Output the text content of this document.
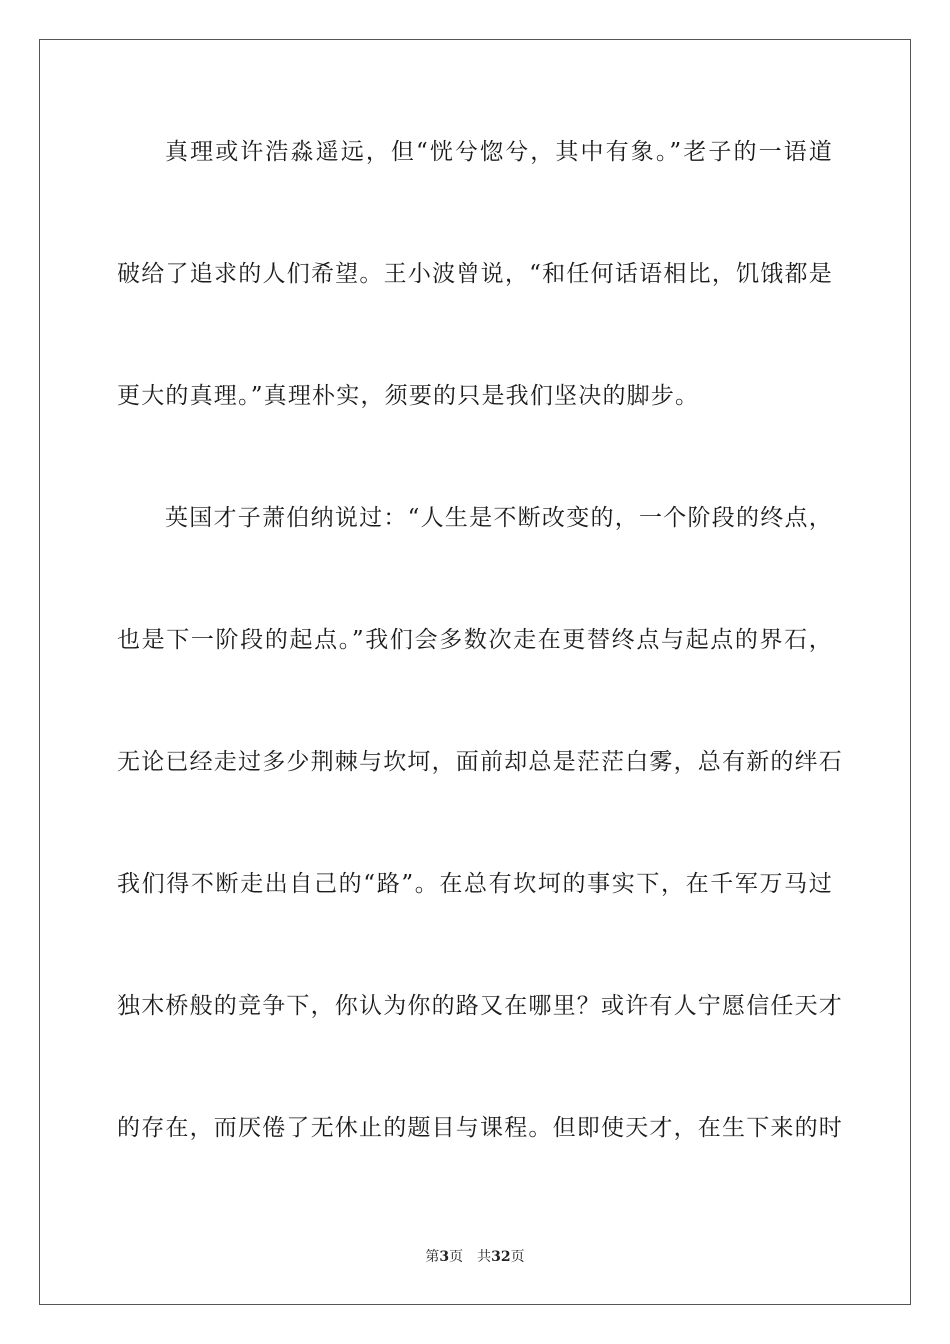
真理或许浩淼遥远，但“恍兮惚兮，其中有象。”老子的一语道
破给了追求的人们希望。王小波曾说，“和任何话语相比，饥饿都是
更大的真理。”真理朴实，须要的只是我们坚决的脚步。
英国才子萧伯纳说过：“人生是不断改变的，一个阶段的终点，
也是下一阶段的起点。”我们会多数次走在更替终点与起点的界石，
无论已经走过多少荆棘与坎坷，面前却总是茫茫白雾，总有新的绊石
我们得不断走出自己的“路”。在总有坎坷的事实下，在千军万马过
独木桥般的竞争下，你认为你的路又在哪里？或许有人宁愿信任天才
的存在，而厌倦了无休止的题目与课程。但即使天才，在生下来的时
第3页 共32页
